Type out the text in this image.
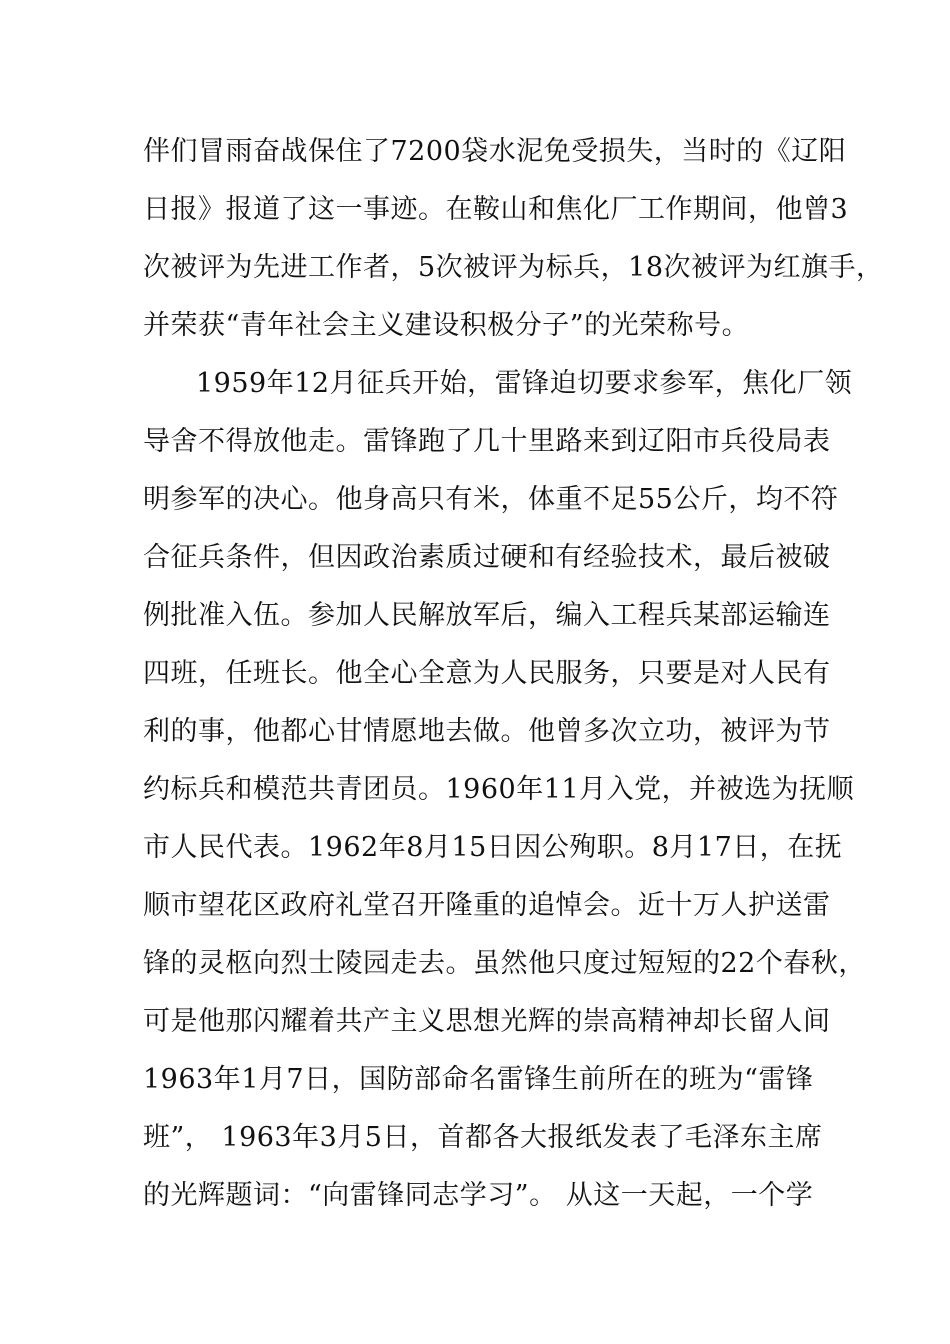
伴们冒雨奋战保住了7200袋水泥免受损失，当时的《辽阳
日报》报道了这一事迹。在鞍山和焦化厂工作期间，他曾3
次被评为先进工作者，5次被评为标兵，18次被评为红旗手，
并荣获“青年社会主义建设积极分子”的光荣称号。
1959年12月征兵开始，雷锋迫切要求参军，焦化厂领
导舍不得放他走。雷锋跑了几十里路来到辽阳市兵役局表
明参军的决心。他身高只有米，体重不足55公斤，均不符
合征兵条件，但因政治素质过硬和有经验技术，最后被破
例批准入伍。参加人民解放军后，编入工程兵某部运输连
四班，任班长。他全心全意为人民服务，只要是对人民有
利的事，他都心甘情愿地去做。他曾多次立功，被评为节
约标兵和模范共青团员。1960年11月入党，并被选为抚顺
市人民代表。1962年8月15日因公殉职。8月17日，在抚
顺市望花区政府礼堂召开隆重的追悼会。近十万人护送雷
锋的灵柩向烈士陵园走去。虽然他只度过短短的22个春秋，
可是他那闪耀着共产主义思想光辉的崇高精神却长留人间
1963年1月7日，国防部命名雷锋生前所在的班为“雷锋
班”， 1963年3月5日，首都各大报纸发表了毛泽东主席
的光辉题词：“向雷锋同志学习”。 从这一天起，一个学
